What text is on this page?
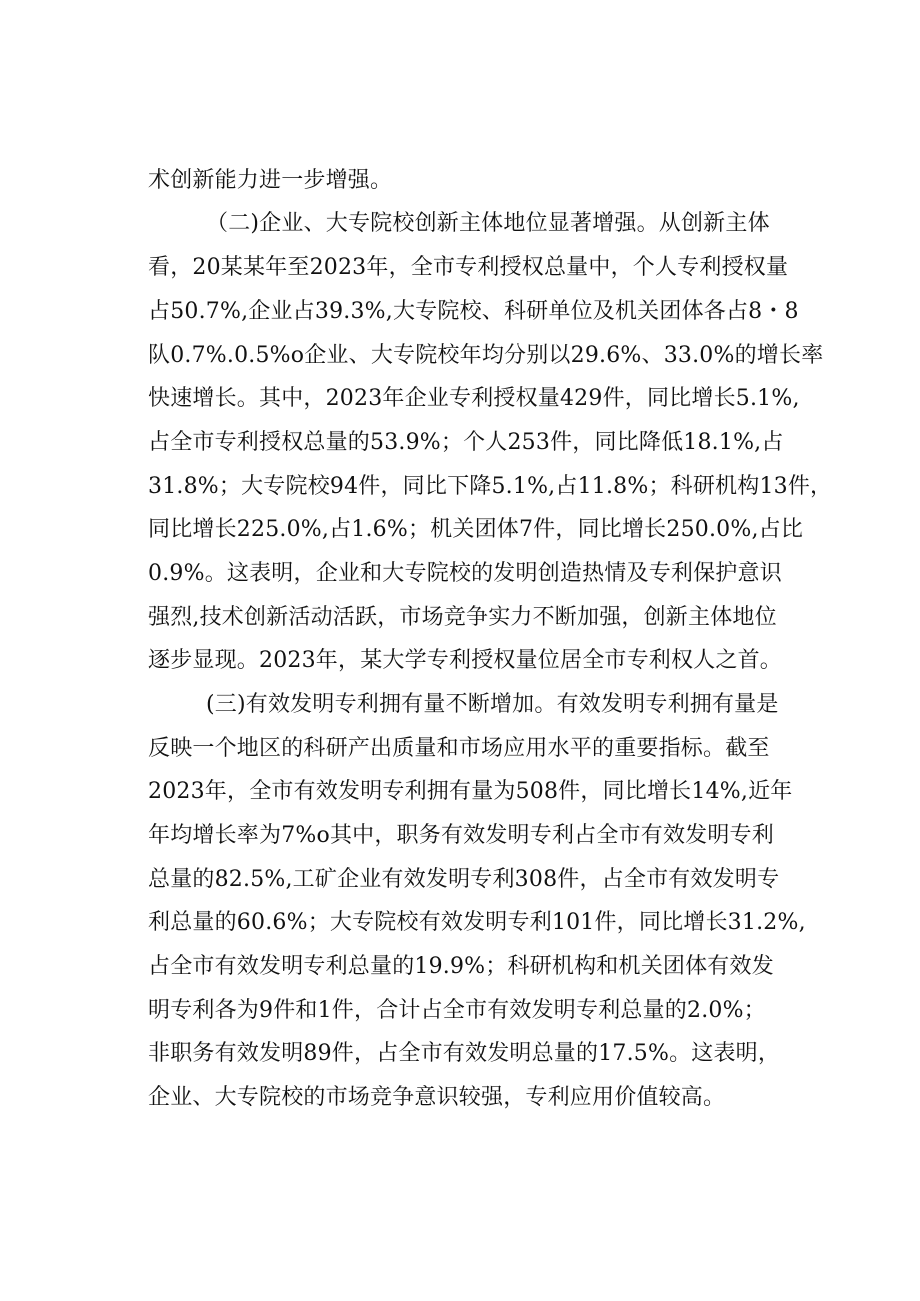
术创新能力进一步增强。
（二)企业、大专院校创新主体地位显著增强。从创新主体
看，20某某年至2023年，全市专利授权总量中，个人专利授权量
占50.7%,企业占39.3%,大专院校、科研单位及机关团体各占8・8
队0.7%.0.5%o企业、大专院校年均分别以29.6%、33.0%的增长率
快速增长。其中，2023年企业专利授权量429件，同比增长5.1%,
占全市专利授权总量的53.9%；个人253件，同比降低18.1%,占
31.8%；大专院校94件，同比下降5.1%,占11.8%；科研机构13件，
同比增长225.0%,占1.6%；机关团体7件，同比增长250.0%,占比
0.9%。这表明，企业和大专院校的发明创造热情及专利保护意识
强烈,技术创新活动活跃，市场竞争实力不断加强，创新主体地位
逐步显现。2023年，某大学专利授权量位居全市专利权人之首。
(三)有效发明专利拥有量不断增加。有效发明专利拥有量是
反映一个地区的科研产出质量和市场应用水平的重要指标。截至
2023年，全市有效发明专利拥有量为508件，同比增长14%,近年
年均增长率为7%o其中，职务有效发明专利占全市有效发明专利
总量的82.5%,工矿企业有效发明专利308件，占全市有效发明专
利总量的60.6%；大专院校有效发明专利101件，同比增长31.2%,
占全市有效发明专利总量的19.9%；科研机构和机关团体有效发
明专利各为9件和1件，合计占全市有效发明专利总量的2.0%；
非职务有效发明89件，占全市有效发明总量的17.5%。这表明，
企业、大专院校的市场竞争意识较强，专利应用价值较高。
